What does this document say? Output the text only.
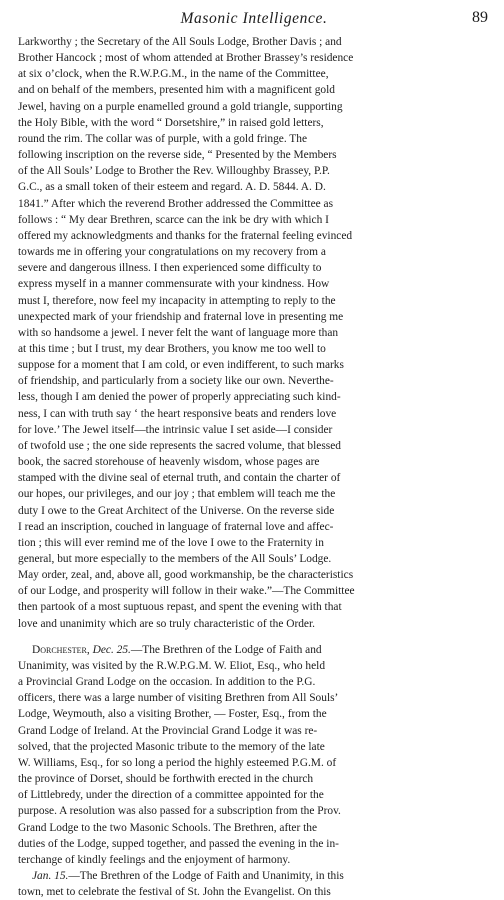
Masonic Intelligence.	89

Larkworthy ; the Secretary of the All Souls Lodge, Brother Davis ; and
Brother Hancock ; most of whom attended at Brother Brassey’s residence
at six o’clock, when the R.W.P.G.M., in the name of the Committee,
and on behalf of the members, presented him with a magnificent gold
Jewel, having on a purple enamelled ground a gold triangle, supporting
the Holy Bible, with the word “ Dorsetshire,” in raised gold letters,
round the rim. The collar was of purple, with a gold fringe. The
following inscription on the reverse side, “ Presented by the Members
of the All Souls’ Lodge to Brother the Rev. Willoughby Brassey, P.P.
G.C., as a small token of their esteem and regard. A. D. 5844. A. D.
1841.” After which the reverend Brother addressed the Committee as
follows : “ My dear Brethren, scarce can the ink be dry with which I
offered my acknowledgments and thanks for the fraternal feeling evinced
towards me in offering your congratulations on my recovery from a
severe and dangerous illness. I then experienced some difficulty to
express myself in a manner commensurate with your kindness. How
must I, therefore, now feel my incapacity in attempting to reply to the
unexpected mark of your friendship and fraternal love in presenting me
with so handsome a jewel. I never felt the want of language more than
at this time ; but I trust, my dear Brothers, you know me too well to
suppose for a moment that I am cold, or even indifferent, to such marks
of friendship, and particularly from a society like our own. Neverthe-
less, though I am denied the power of properly appreciating such kind-
ness, I can with truth say ‘ the heart responsive beats and renders love
for love.’ The Jewel itself—the intrinsic value I set aside—I consider
of twofold use ; the one side represents the sacred volume, that blessed
book, the sacred storehouse of heavenly wisdom, whose pages are
stamped with the divine seal of eternal truth, and contain the charter of
our hopes, our privileges, and our joy ; that emblem will teach me the
duty I owe to the Great Architect of the Universe. On the reverse side
I read an inscription, couched in language of fraternal love and affec-
tion ; this will ever remind me of the love I owe to the Fraternity in
general, but more especially to the members of the All Souls’ Lodge.
May order, zeal, and, above all, good workmanship, be the characteristics
of our Lodge, and prosperity will follow in their wake.”—The Committee
then partook of a most suptuous repast, and spent the evening with that
love and unanimity which are so truly characteristic of the Order.

Dorchester, Dec. 25.—The Brethren of the Lodge of Faith and
Unanimity, was visited by the R.W.P.G.M. W. Eliot, Esq., who held
a Provincial Grand Lodge on the occasion. In addition to the P.G.
officers, there was a large number of visiting Brethren from All Souls’
Lodge, Weymouth, also a visiting Brother, — Foster, Esq., from the
Grand Lodge of Ireland. At the Provincial Grand Lodge it was re-
solved, that the projected Masonic tribute to the memory of the late
W. Williams, Esq., for so long a period the highly esteemed P.G.M. of
the province of Dorset, should be forthwith erected in the church
of Littlebredy, under the direction of a committee appointed for the
purpose. A resolution was also passed for a subscription from the Prov.
Grand Lodge to the two Masonic Schools. The Brethren, after the
duties of the Lodge, supped together, and passed the evening in the in-
terchange of kindly feelings and the enjoyment of harmony.

Jan. 15.—The Brethren of the Lodge of Faith and Unanimity, in this
town, met to celebrate the festival of St. John the Evangelist. On this
